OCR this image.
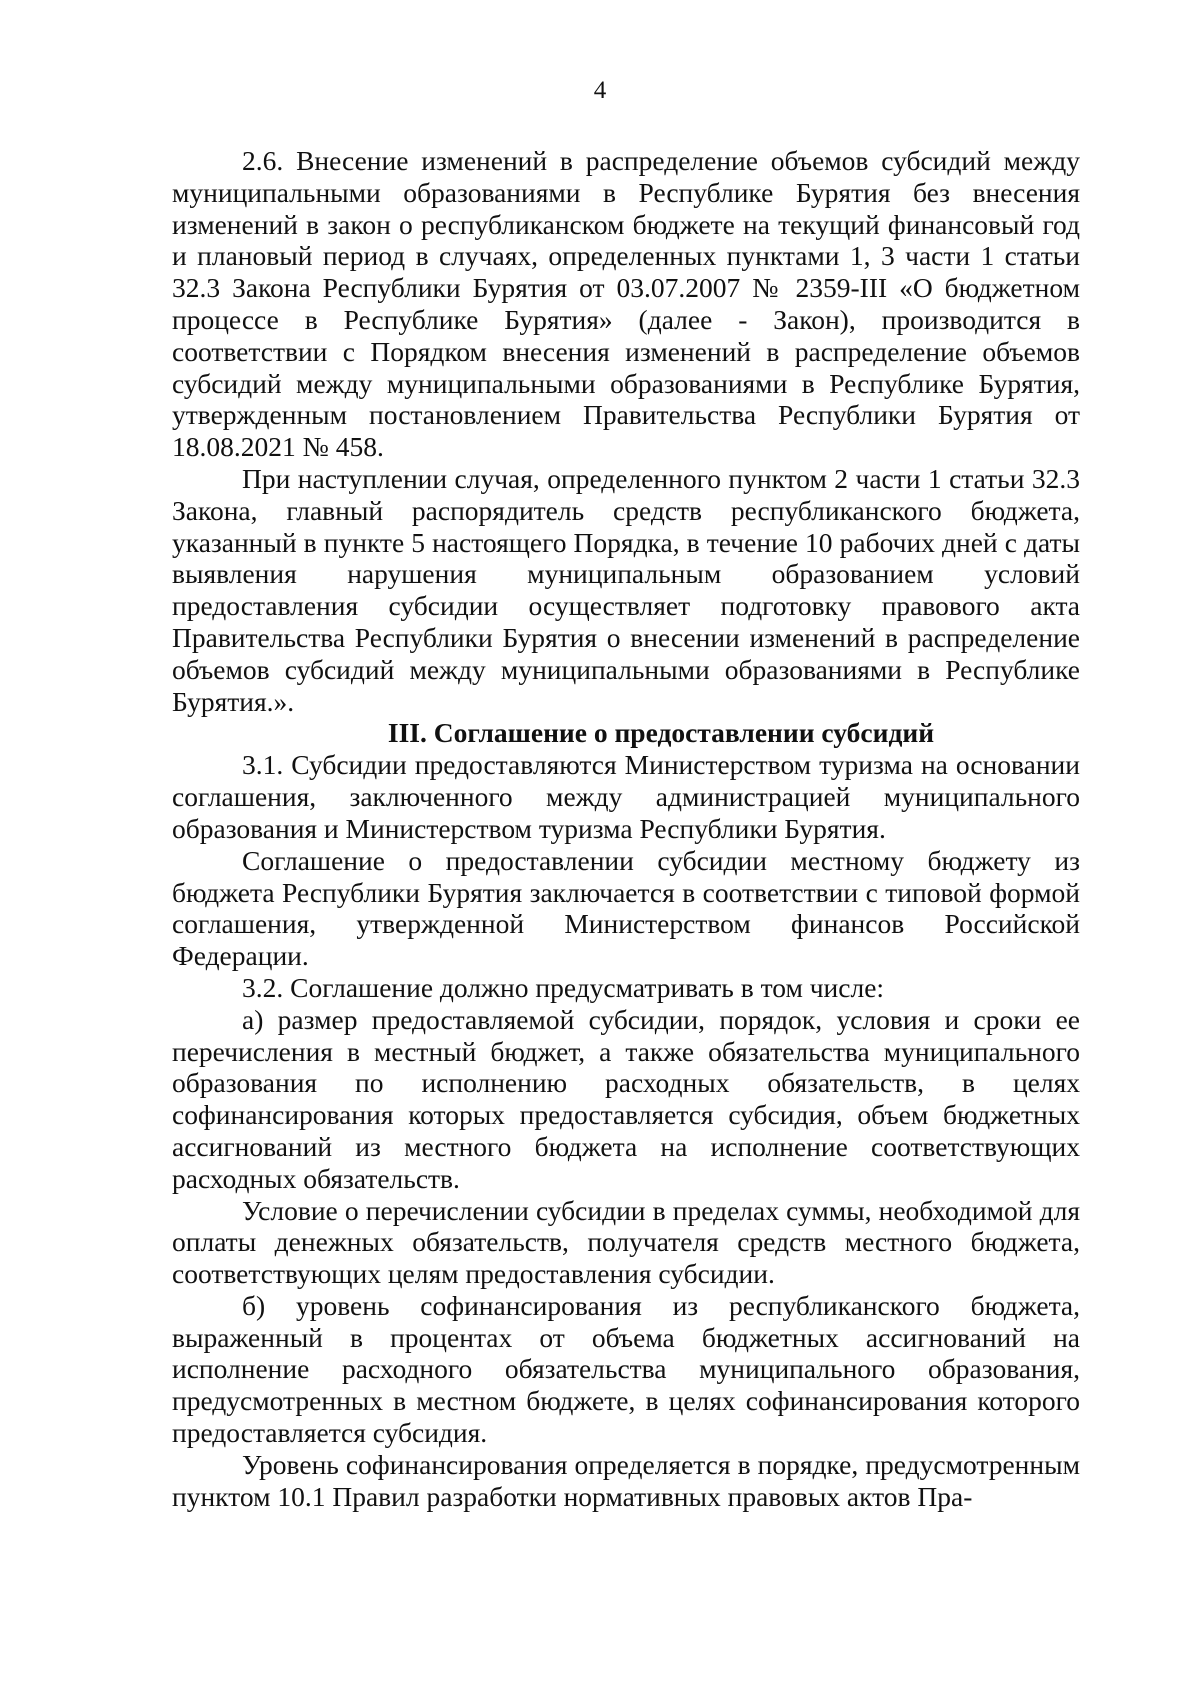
4

2.6. Внесение изменений в распределение объемов субсидий между муниципальными образованиями в Республике Бурятия без внесения изменений в закон о республиканском бюджете на текущий финансовый год и плановый период в случаях, определенных пунктами 1, 3 части 1 статьи 32.3 Закона Республики Бурятия от 03.07.2007 № 2359-III «О бюджетном процессе в Республике Бурятия» (далее - Закон), производится в соответствии с Порядком внесения изменений в распределение объемов субсидий между муниципальными образованиями в Республике Бурятия, утвержденным постановлением Правительства Республики Бурятия от 18.08.2021 № 458.

При наступлении случая, определенного пунктом 2 части 1 статьи 32.3 Закона, главный распорядитель средств республиканского бюджета, указанный в пункте 5 настоящего Порядка, в течение 10 рабочих дней с даты выявления нарушения муниципальным образованием условий предоставления субсидии осуществляет подготовку правового акта Правительства Республики Бурятия о внесении изменений в распределение объемов субсидий между муниципальными образованиями в Республике Бурятия.».

III. Соглашение о предоставлении субсидий

3.1. Субсидии предоставляются Министерством туризма на основании соглашения, заключенного между администрацией муниципального образования и Министерством туризма Республики Бурятия.

Соглашение о предоставлении субсидии местному бюджету из бюджета Республики Бурятия заключается в соответствии с типовой формой соглашения, утвержденной Министерством финансов Российской Федерации.

3.2. Соглашение должно предусматривать в том числе:

а) размер предоставляемой субсидии, порядок, условия и сроки ее перечисления в местный бюджет, а также обязательства муниципального образования по исполнению расходных обязательств, в целях софинансирования которых предоставляется субсидия, объем бюджетных ассигнований из местного бюджета на исполнение соответствующих расходных обязательств.

Условие о перечислении субсидии в пределах суммы, необходимой для оплаты денежных обязательств, получателя средств местного бюджета, соответствующих целям предоставления субсидии.

б) уровень софинансирования из республиканского бюджета, выраженный в процентах от объема бюджетных ассигнований на исполнение расходного обязательства муниципального образования, предусмотренных в местном бюджете, в целях софинансирования которого предоставляется субсидия.

Уровень софинансирования определяется в порядке, предусмотренным пунктом 10.1 Правил разработки нормативных правовых актов Пра-
